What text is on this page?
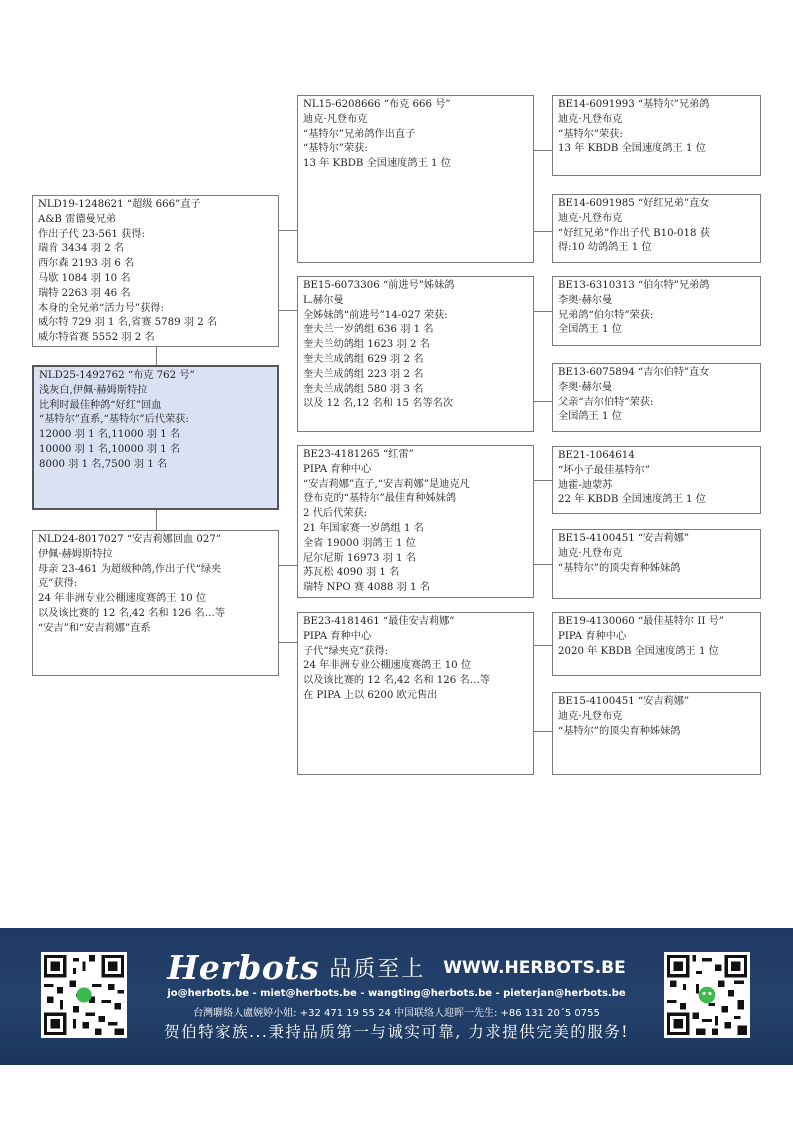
NLD25-1492762 “布克 762 号”
浅灰白,伊佩·赫姆斯特拉
比利时最佳种鸽“好红”回血
“基特尔”直系,“基特尔”后代荣获:
12000 羽 1 名,11000 羽 1 名
10000 羽 1 名,10000 羽 1 名
8000 羽 1 名,7500 羽 1 名
NLD19-1248621 “超级 666”直子
A&B 雷德曼兄弟
作出子代 23-561 获得:
瑞肯 3434 羽 2 名
西尔森 2193 羽 6 名
马歇 1084 羽 10 名
瑞特 2263 羽 46 名
本身的全兄弟“活力号”获得:
威尔特 729 羽 1 名,省赛 5789 羽 2 名
威尔特省赛 5552 羽 2 名
NLD24-8017027 “安吉莉娜回血 027”
伊佩·赫姆斯特拉
母亲 23-461 为超级种鸽,作出子代“绿夹
克”获得:
24 年非洲专业公棚速度赛鸽王 10 位
以及该比赛的 12 名,42 名和 126 名…等
“安吉”和“安吉莉娜”直系
NL15-6208666 “布克 666 号”
迪克·凡登布克
“基特尔”兄弟鸽作出直子
“基特尔”荣获:
13 年 KBDB 全国速度鸽王 1 位
BE15-6073306 “前进号”姊妹鸽
L.赫尔曼
全姊妹鸽“前进号”14-027 荣获:
奎夫兰一岁鸽组 636 羽 1 名
奎夫兰幼鸽组 1623 羽 2 名
奎夫兰成鸽组 629 羽 2 名
奎夫兰成鸽组 223 羽 2 名
奎夫兰成鸽组 580 羽 3 名
以及 12 名,12 名和 15 名等名次
BE23-4181265 “红雷”
PIPA 育种中心
“安吉莉娜”直子,“安吉莉娜”是迪克凡
登布克的“基特尔”最佳育种姊妹鸽
2 代后代荣获:
21 年国家赛一岁鸽组 1 名
全省 19000 羽鸽王 1 位
尼尔尼斯 16973 羽 1 名
苏瓦松 4090 羽 1 名
瑞特 NPO 赛 4088 羽 1 名
BE23-4181461 “最佳安吉莉娜”
PIPA 育种中心
子代“绿夹克”获得:
24 年非洲专业公棚速度赛鸽王 10 位
以及该比赛的 12 名,42 名和 126 名…等
在 PIPA 上以 6200 欧元售出
BE14-6091993 “基特尔”兄弟鸽
迪克·凡登布克
“基特尔”荣获:
13 年 KBDB 全国速度鸽王 1 位
BE14-6091985 “好红兄弟”直女
迪克·凡登布克
“好红兄弟”作出子代 B10-018 获
得:10 幼鸽鸽王 1 位
BE13-6310313 “伯尔特”兄弟鸽
李奥·赫尔曼
兄弟鸽“伯尔特”荣获:
全国鸽王 1 位
BE13-6075894 “吉尔伯特”直女
李奥·赫尔曼
父亲“吉尔伯特”荣获:
全国鸽王 1 位
BE21-1064614
“坏小子最佳基特尔”
迪霍-迪蒙苏
22 年 KBDB 全国速度鸽王 1 位
BE15-4100451 “安吉莉娜”
迪克·凡登布克
“基特尔”的顶尖育种姊妹鸽
BE19-4130060 “最佳基特尔 II 号”
PIPA 育种中心
2020 年 KBDB 全国速度鸽王 1 位
BE15-4100451 “安吉莉娜”
迪克·凡登布克
“基特尔”的顶尖育种姊妹鸽
Herbots 品质至上 WWW.HERBOTS.BE
jo@herbots.be - miet@herbots.be - wangting@herbots.be - pieterjan@herbots.be
台灣聯絡人盧婉婷小姐: +32 471 19 55 24 中国联络人迎晖一先生: +86 131 20´5 0755
贺伯特家族...秉持品质第一与诚实可靠, 力求提供完美的服务!
